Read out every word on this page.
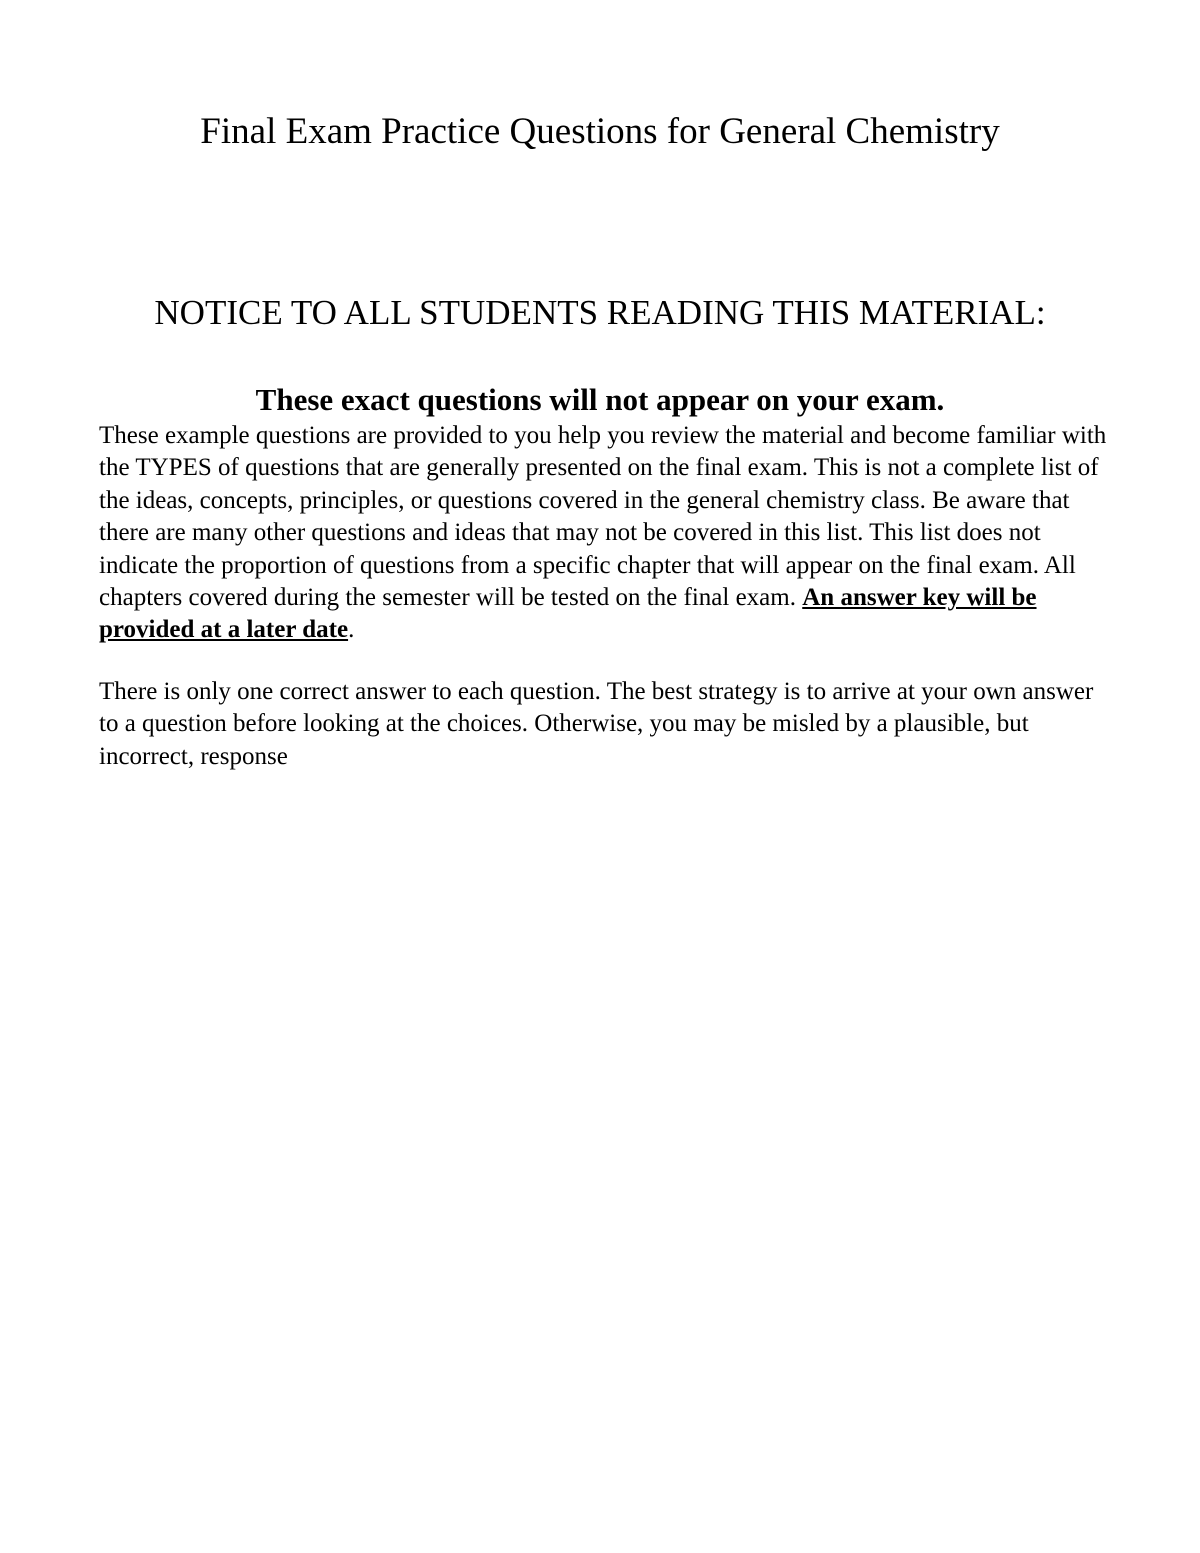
Final Exam Practice Questions for General Chemistry
NOTICE TO ALL STUDENTS READING THIS MATERIAL:

These exact questions will not appear on your exam.

These example questions are provided to you help you review the material and become familiar with the TYPES of questions that are generally presented on the final exam. This is not a complete list of the ideas, concepts, principles, or questions covered in the general chemistry class. Be aware that there are many other questions and ideas that may not be covered in this list. This list does not indicate the proportion of questions from a specific chapter that will appear on the final exam. All chapters covered during the semester will be tested on the final exam. An answer key will be provided at a later date.

There is only one correct answer to each question. The best strategy is to arrive at your own answer to a question before looking at the choices. Otherwise, you may be misled by a plausible, but incorrect, response
